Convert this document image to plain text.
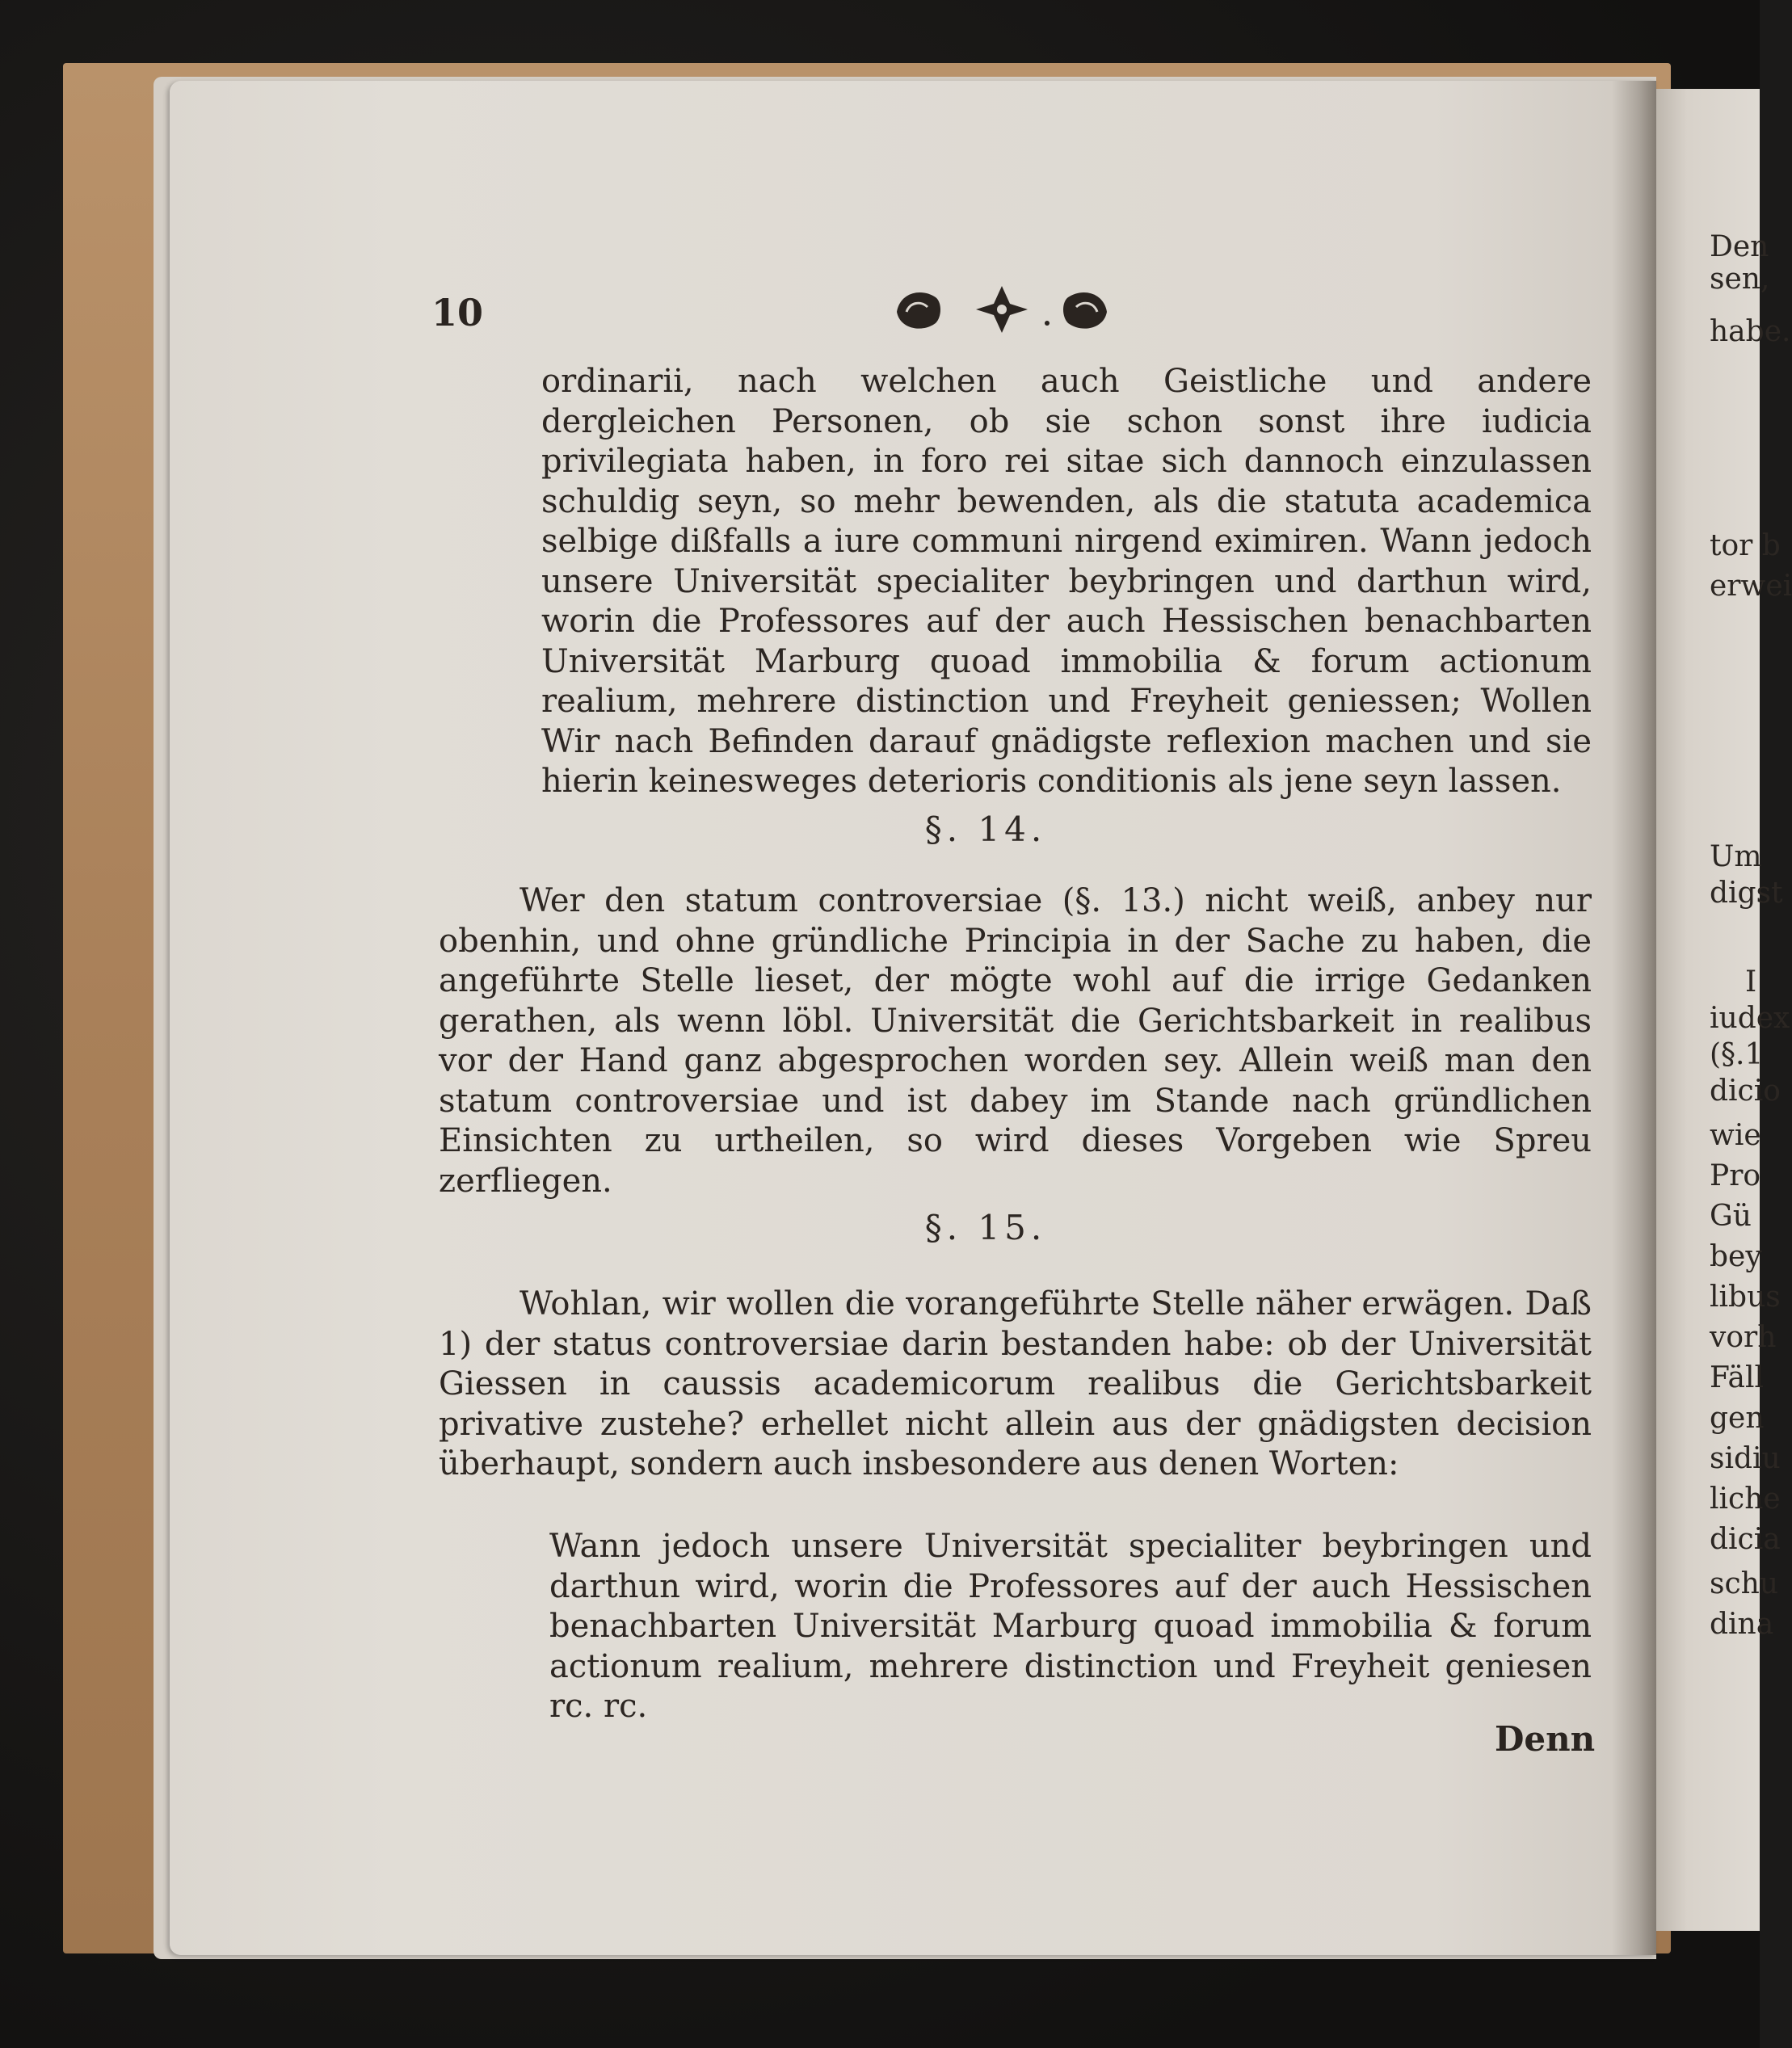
Den
sen,
habe.
tor b
erwei
Um
digst
I
iudex
(§.1
dicio
wie
Pro
Gü
bey
libus
vorh
Fäll
gen
sidiu
liche
dicia
schu
dina
10

ordinarii, nach welchen auch Geistliche und andere dergleichen Personen, ob sie schon sonst ihre iudicia privilegiata haben, in foro rei sitae sich dannoch einzulassen schuldig seyn, so mehr bewenden, als die statuta academica selbige dißfalls a iure communi nirgend eximiren. Wann jedoch unsere Universität specialiter beybringen und darthun wird, worin die Professores auf der auch Hessischen benachbarten Universität Marburg quoad immobilia & forum actionum realium, mehrere distinction und Freyheit geniessen; Wollen Wir nach Befinden darauf gnädigste reflexion machen und sie hierin keinesweges deterioris conditionis als jene seyn lassen.

§. 14.

Wer den statum controversiae (§. 13.) nicht weiß, anbey nur obenhin, und ohne gründliche Principia in der Sache zu haben, die angeführte Stelle lieset, der mögte wohl auf die irrige Gedanken gerathen, als wenn löbl. Universität die Gerichtsbarkeit in realibus vor der Hand ganz abgesprochen worden sey. Allein weiß man den statum controversiae und ist dabey im Stande nach gründlichen Einsichten zu urtheilen, so wird dieses Vorgeben wie Spreu zerfliegen.

§. 15.

Wohlan, wir wollen die vorangeführte Stelle näher erwägen. Daß 1) der status controversiae darin bestanden habe: ob der Universität Giessen in caussis academicorum realibus die Gerichtsbarkeit privative zustehe? erhellet nicht allein aus der gnädigsten decision überhaupt, sondern auch insbesondere aus denen Worten:

Wann jedoch unsere Universität specialiter beybringen und darthun wird, worin die Professores auf der auch Hessischen benachbarten Universität Marburg quoad immobilia & forum actionum realium, mehrere distinction und Freyheit geniesen rc. rc.

Denn
